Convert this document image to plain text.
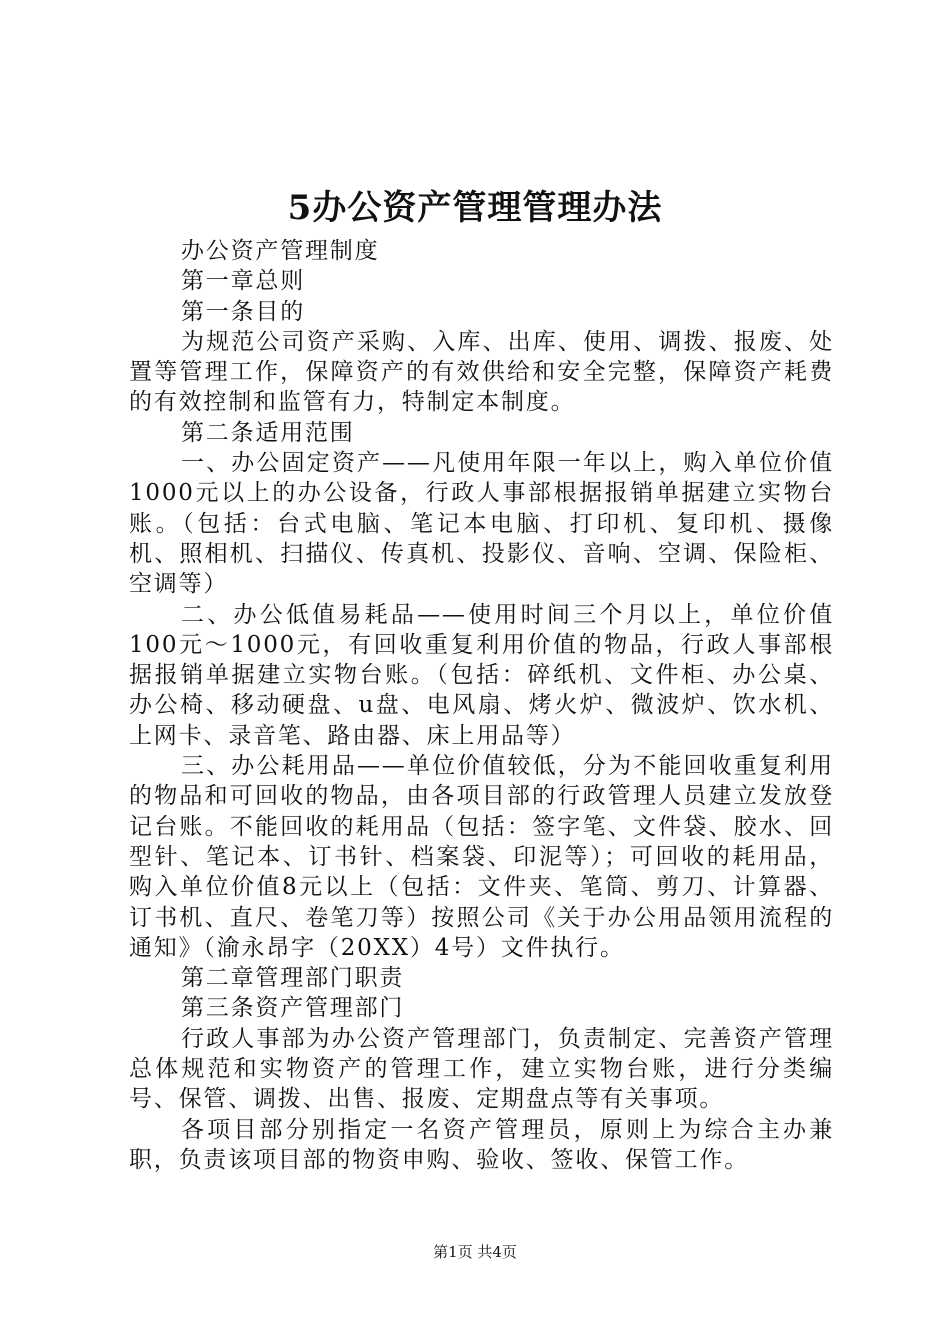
5办公资产管理管理办法

办公资产管理制度

第一章总则

第一条目的

为规范公司资产采购、入库、出库、使用、调拨、报废、处置等管理工作，保障资产的有效供给和安全完整，保障资产耗费的有效控制和监管有力，特制定本制度。

第二条适用范围

一、办公固定资产——凡使用年限一年以上，购入单位价值1000元以上的办公设备，行政人事部根据报销单据建立实物台账。（包括：台式电脑、笔记本电脑、打印机、复印机、摄像机、照相机、扫描仪、传真机、投影仪、音响、空调、保险柜、空调等）

二、办公低值易耗品——使用时间三个月以上，单位价值100元～1000元，有回收重复利用价值的物品，行政人事部根据报销单据建立实物台账。（包括：碎纸机、文件柜、办公桌、办公椅、移动硬盘、u盘、电风扇、烤火炉、微波炉、饮水机、上网卡、录音笔、路由器、床上用品等）

三、办公耗用品——单位价值较低，分为不能回收重复利用的物品和可回收的物品，由各项目部的行政管理人员建立发放登记台账。不能回收的耗用品（包括：签字笔、文件袋、胶水、回型针、笔记本、订书针、档案袋、印泥等）；可回收的耗用品，购入单位价值8元以上（包括：文件夹、笔筒、剪刀、计算器、订书机、直尺、卷笔刀等）按照公司《关于办公用品领用流程的通知》（渝永昂字（20XX）4号）文件执行。

第二章管理部门职责

第三条资产管理部门

行政人事部为办公资产管理部门，负责制定、完善资产管理总体规范和实物资产的管理工作，建立实物台账，进行分类编号、保管、调拨、出售、报废、定期盘点等有关事项。

各项目部分别指定一名资产管理员，原则上为综合主办兼职，负责该项目部的物资申购、验收、签收、保管工作。

第1页 共4页
